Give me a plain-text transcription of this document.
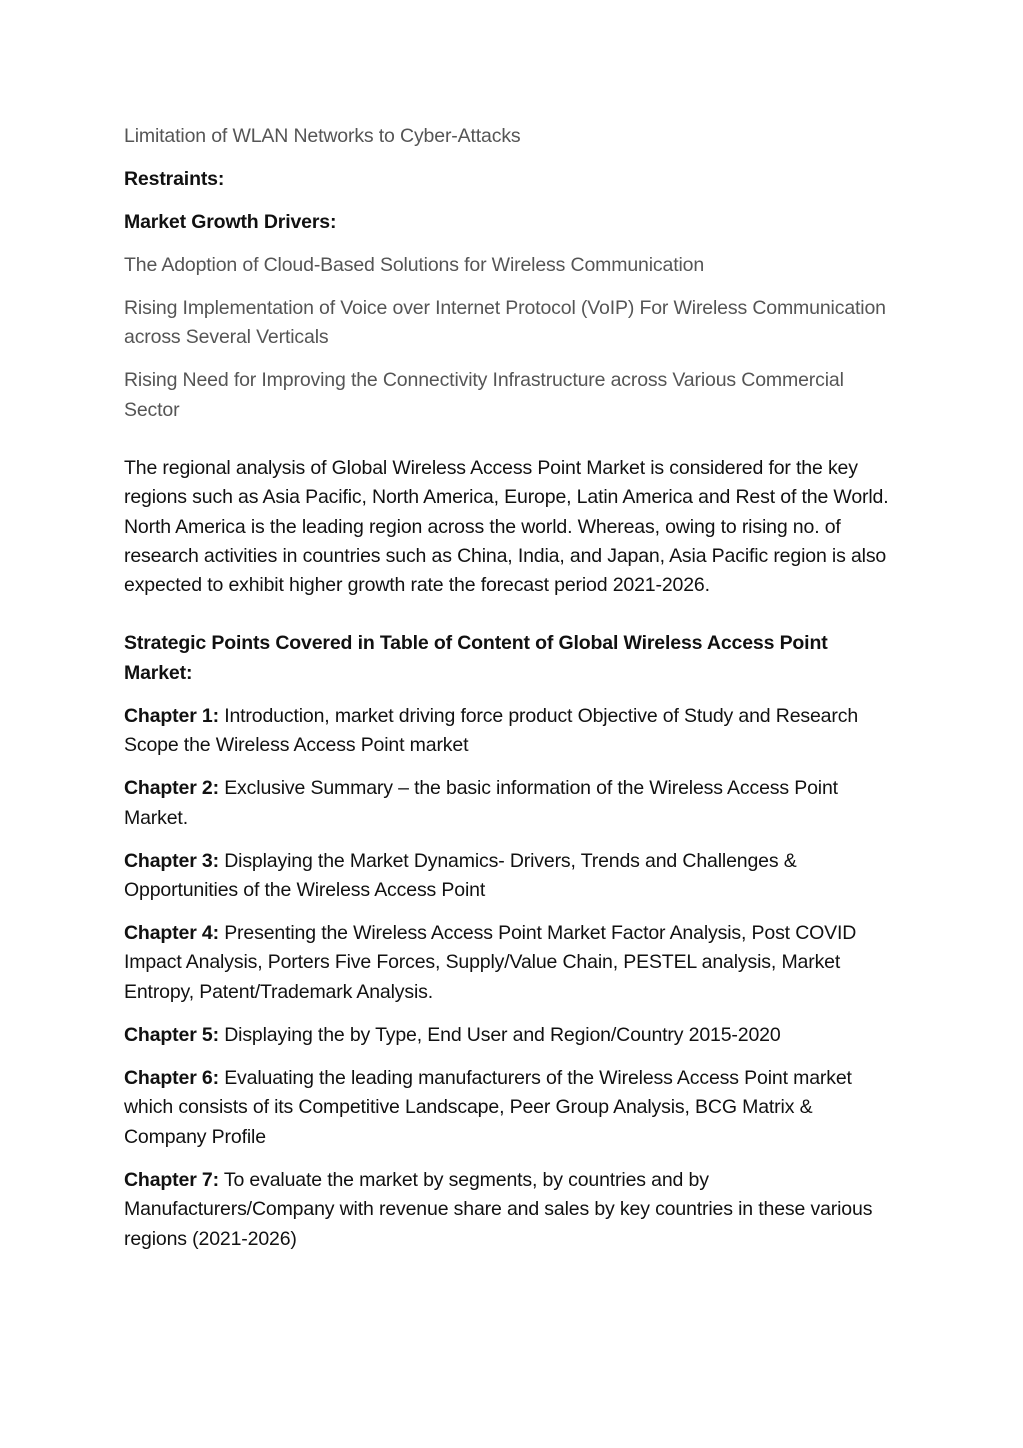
Limitation of WLAN Networks to Cyber-Attacks

Restraints:

Market Growth Drivers:

The Adoption of Cloud-Based Solutions for Wireless Communication

Rising Implementation of Voice over Internet Protocol (VoIP) For Wireless Communication across Several Verticals

Rising Need for Improving the Connectivity Infrastructure across Various Commercial Sector

The regional analysis of Global Wireless Access Point Market is considered for the key regions such as Asia Pacific, North America, Europe, Latin America and Rest of the World. North America is the leading region across the world. Whereas, owing to rising no. of research activities in countries such as China, India, and Japan, Asia Pacific region is also expected to exhibit higher growth rate the forecast period 2021-2026.

Strategic Points Covered in Table of Content of Global Wireless Access Point Market:

Chapter 1: Introduction, market driving force product Objective of Study and Research Scope the Wireless Access Point market

Chapter 2: Exclusive Summary – the basic information of the Wireless Access Point Market.

Chapter 3: Displaying the Market Dynamics- Drivers, Trends and Challenges & Opportunities of the Wireless Access Point

Chapter 4: Presenting the Wireless Access Point Market Factor Analysis, Post COVID Impact Analysis, Porters Five Forces, Supply/Value Chain, PESTEL analysis, Market Entropy, Patent/Trademark Analysis.

Chapter 5: Displaying the by Type, End User and Region/Country 2015-2020

Chapter 6: Evaluating the leading manufacturers of the Wireless Access Point market which consists of its Competitive Landscape, Peer Group Analysis, BCG Matrix & Company Profile

Chapter 7: To evaluate the market by segments, by countries and by Manufacturers/Company with revenue share and sales by key countries in these various regions (2021-2026)
